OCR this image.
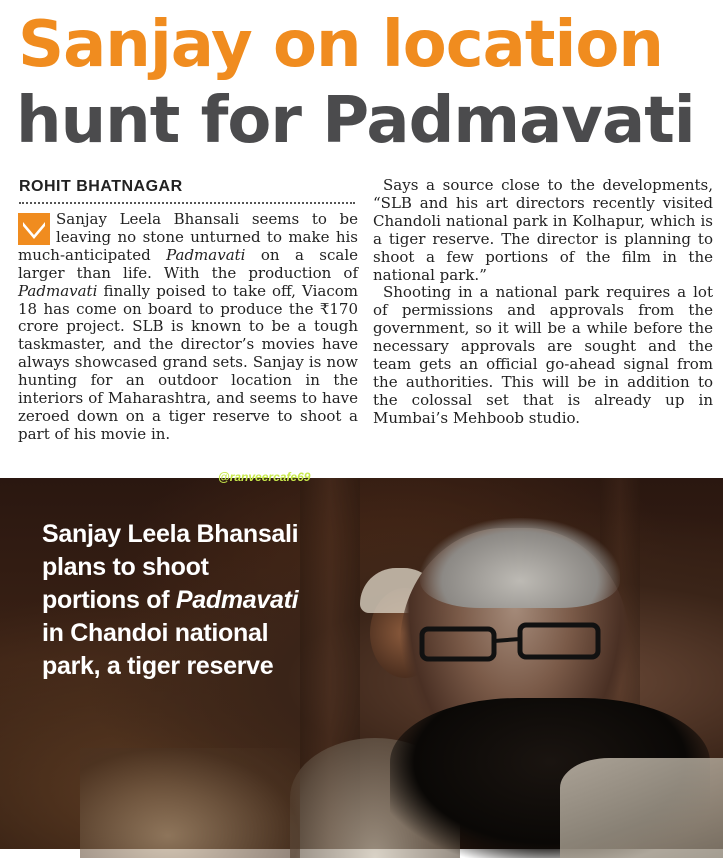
Sanjay on location
hunt for Padmavati
ROHIT BHATNAGAR

Sanjay Leela Bhansali seems to be leaving no stone unturned to make his much-anticipated Padmavati on a scale larger than life. With the production of Padmavati finally poised to take off, Viacom 18 has come on board to produce the ₹170 crore project. SLB is known to be a tough taskmaster, and the director’s movies have always showcased grand sets. Sanjay is now hunting for an outdoor location in the interiors of Maharashtra, and seems to have zeroed down on a tiger reserve to shoot a part of his movie in.

Says a source close to the developments, “SLB and his art directors recently visited Chandoli national park in Kolhapur, which is a tiger reserve. The director is planning to shoot a few portions of the film in the national park.”

Shooting in a national park requires a lot of permissions and approvals from the government, so it will be a while before the necessary approvals are sought and the team gets an official go-ahead signal from the authorities. This will be in addition to the colossal set that is already up in Mumbai’s Mehboob studio.

@ranveercafe69
Sanjay Leela Bhansali plans to shoot portions of Padmavati in Chandoi national park, a tiger reserve
